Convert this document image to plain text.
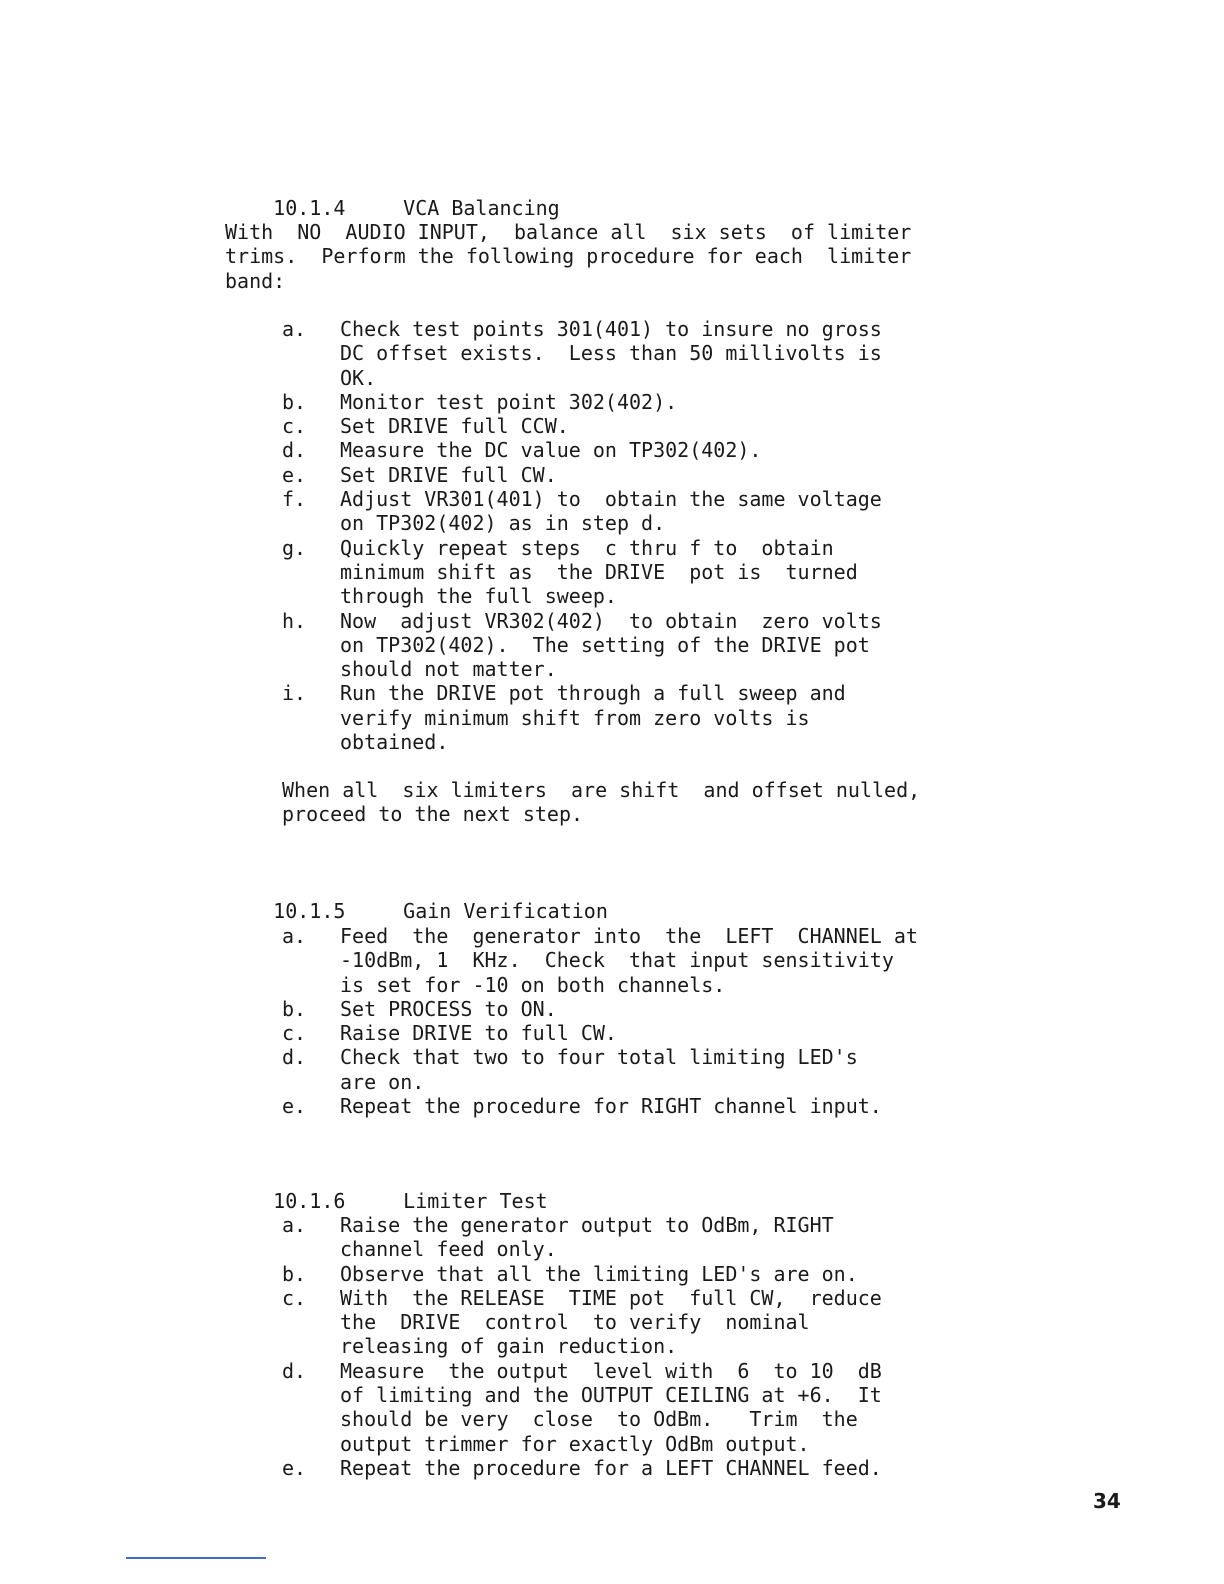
10.1.4	VCA Balancing

With  NO  AUDIO INPUT,  balance all  six sets  of limiter
trims.  Perform the following procedure for each  limiter
band:
a. Check test points 301(401) to insure no gross
DC offset exists.  Less than 50 millivolts is
OK.
b. Monitor test point 302(402).
c. Set DRIVE full CCW.
d. Measure the DC value on TP302(402).
e. Set DRIVE full CW.
f. Adjust VR301(401) to  obtain the same voltage
on TP302(402) as in step d.
g. Quickly repeat steps  c thru f to  obtain
minimum shift as  the DRIVE  pot is  turned
through the full sweep.
h. Now  adjust VR302(402)  to obtain  zero volts
on TP302(402).  The setting of the DRIVE pot
should not matter.
i. Run the DRIVE pot through a full sweep and
verify minimum shift from zero volts is
obtained.
When all  six limiters  are shift  and offset nulled,
proceed to the next step.

10.1.5	Gain Verification

a. Feed  the  generator into  the  LEFT  CHANNEL at
-10dBm, 1  KHz.  Check  that input sensitivity
is set for -10 on both channels.
b. Set PROCESS to ON.
c. Raise DRIVE to full CW.
d. Check that two to four total limiting LED's
are on.
e. Repeat the procedure for RIGHT channel input.

10.1.6	Limiter Test

a. Raise the generator output to OdBm, RIGHT
channel feed only.
b. Observe that all the limiting LED's are on.
c. With  the RELEASE  TIME pot  full CW,  reduce
the  DRIVE  control  to verify  nominal
releasing of gain reduction.
d. Measure  the output  level with  6  to 10  dB
of limiting and the OUTPUT CEILING at +6.  It
should be very  close  to OdBm.   Trim  the
output trimmer for exactly OdBm output.
e. Repeat the procedure for a LEFT CHANNEL feed.
34
